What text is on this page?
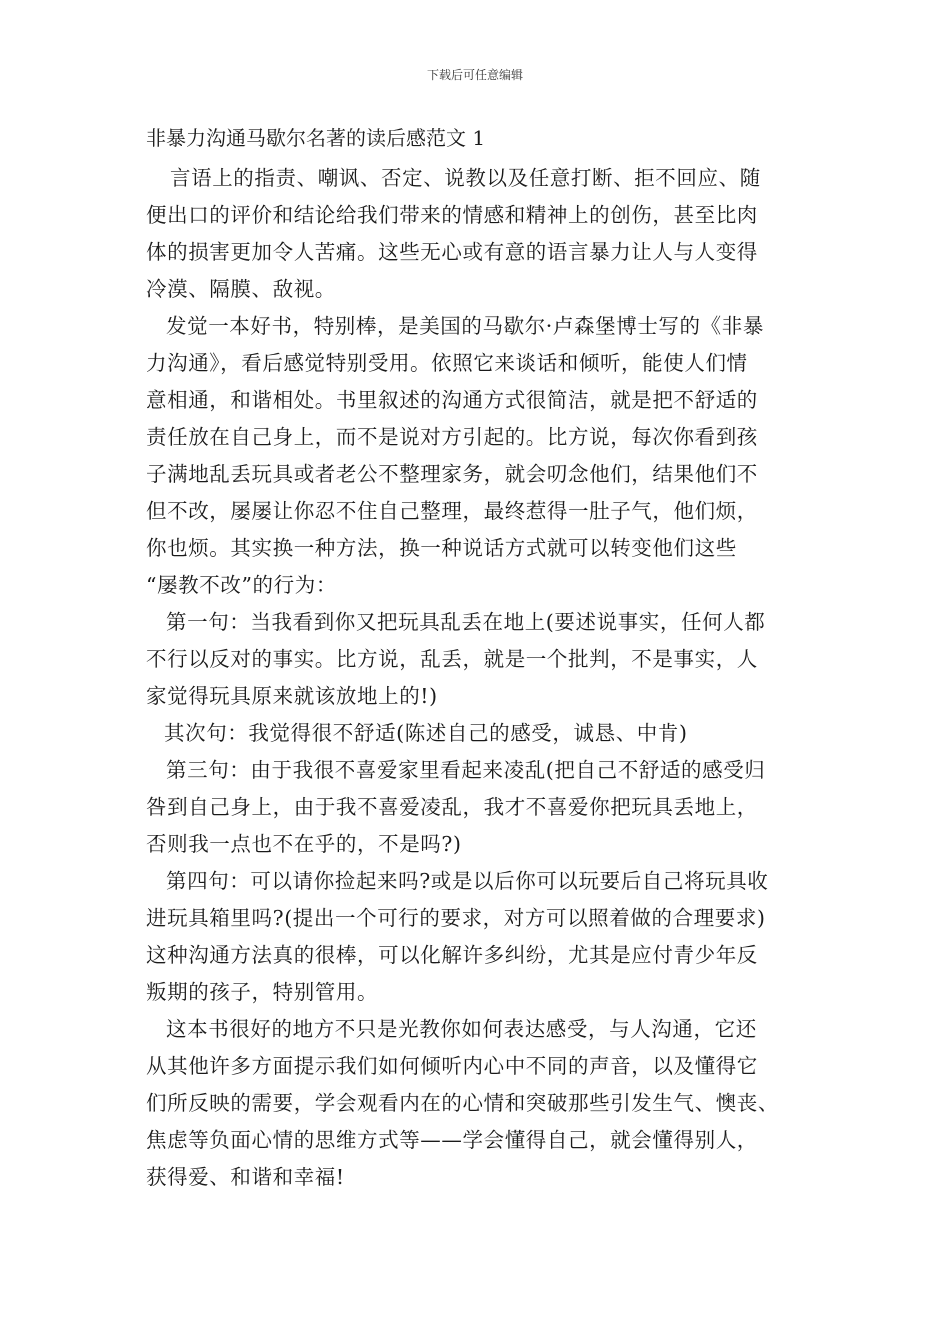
下载后可任意编辑
非暴力沟通马歇尔名著的读后感范文 1
言语上的指责、嘲讽、否定、说教以及任意打断、拒不回应、随
便出口的评价和结论给我们带来的情感和精神上的创伤，甚至比肉
体的损害更加令人苦痛。这些无心或有意的语言暴力让人与人变得
冷漠、隔膜、敌视。
发觉一本好书，特别棒，是美国的马歇尔·卢森堡博士写的《非暴
力沟通》，看后感觉特别受用。依照它来谈话和倾听，能使人们情
意相通，和谐相处。书里叙述的沟通方式很简洁，就是把不舒适的
责任放在自己身上，而不是说对方引起的。比方说，每次你看到孩
子满地乱丢玩具或者老公不整理家务，就会叨念他们，结果他们不
但不改，屡屡让你忍不住自己整理，最终惹得一肚子气，他们烦，
你也烦。其实换一种方法，换一种说话方式就可以转变他们这些
“屡教不改”的行为：
第一句：当我看到你又把玩具乱丢在地上(要述说事实，任何人都
不行以反对的事实。比方说，乱丢，就是一个批判，不是事实，人
家觉得玩具原来就该放地上的!)
其次句：我觉得很不舒适(陈述自己的感受，诚恳、中肯)
第三句：由于我很不喜爱家里看起来凌乱(把自己不舒适的感受归
咎到自己身上，由于我不喜爱凌乱，我才不喜爱你把玩具丢地上，
否则我一点也不在乎的，不是吗?)
第四句：可以请你捡起来吗?或是以后你可以玩要后自己将玩具收
进玩具箱里吗?(提出一个可行的要求，对方可以照着做的合理要求)
这种沟通方法真的很棒，可以化解许多纠纷，尤其是应付青少年反
叛期的孩子，特别管用。
这本书很好的地方不只是光教你如何表达感受，与人沟通，它还
从其他许多方面提示我们如何倾听内心中不同的声音，以及懂得它
们所反映的需要，学会观看内在的心情和突破那些引发生气、懊丧、
焦虑等负面心情的思维方式等——学会懂得自己，就会懂得别人，
获得爱、和谐和幸福!
